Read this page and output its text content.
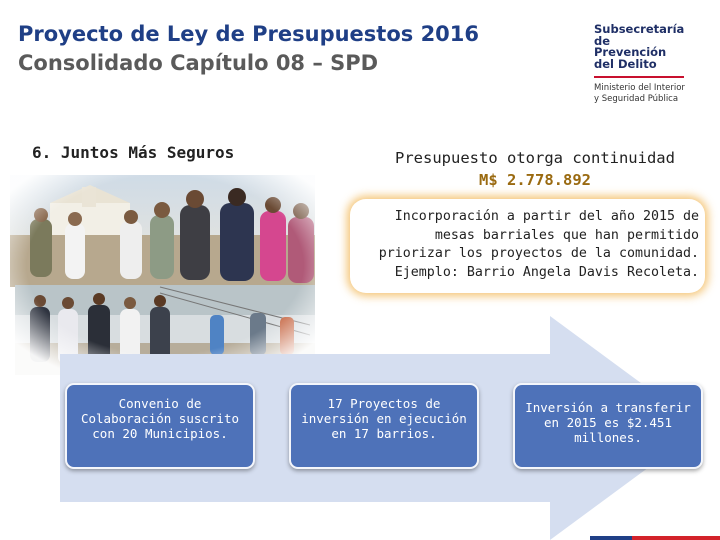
Proyecto de Ley de Presupuestos 2016
Consolidado Capítulo 08 – SPD
Subsecretaría de
Prevención
del Delito
Ministerio del Interior
y Seguridad Pública
6. Juntos Más Seguros	Presupuesto otorga continuidad
M$ 2.778.892
Incorporación a partir del año 2015 de mesas barriales que han permitido priorizar los proyectos de la comunidad. Ejemplo: Barrio Angela Davis Recoleta.
Convenio de Colaboración suscrito con 20 Municipios.
17 Proyectos de inversión en ejecución en 17 barrios.
Inversión a transferir en 2015 es $2.451 millones.
